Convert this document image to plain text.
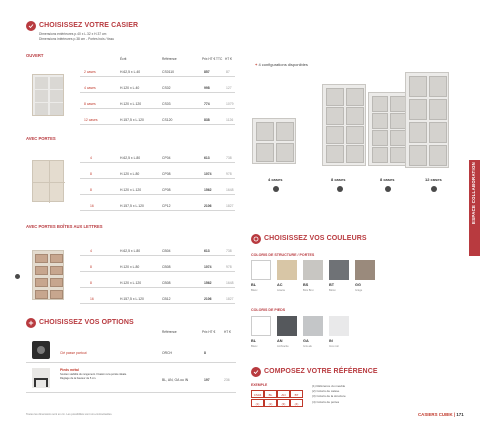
CHOISISSEZ VOTRE CASIER
Dimensions extérieures p.40 x L.32 x H.37 cm
Dimensions intérieures p.38 cm - Portes bois / tissu
OUVERT
Écrit	Référence	Prix HT € TTC HT €
2 cases	H.62,5 x L.40	CS0110	857	87
4 cases	H.120 x L.40	CS02	998	127
8 cases	H.120 x L.120	CS03	774	1079
12 cases	H.157,5 x L.120	CS120	838	1126
AVEC PORTES
4	H.62,5 x L.80	CP04	613	738
8	H.120 x L.80	CP08	1074	978
8	H.120 x L.120	CP08	1562	1648
16	H.157,5 x L.120	CP12	2106	1827
AVEC PORTES BOÎTES AUX LETTRES
4	H.62,5 x L.80	CB04	613	738
8	H.120 x L.80	CB08	1074	978
8	H.120 x L.120	CB08	1562	1648
16	H.157,5 x L.120	CB12	2106	1827
CHOISISSEZ VOS OPTIONS
Référence	Prix HT €	HT €
Clé passe partout	ORCH	8
Pieds métal
Soutien stabilité du rangement. Fixation à la portée idéale.
Réglage de la hauteur de 5 cm.	BL, AN, GA ou IN	197	236
Toutes les dimensions sont en cm. Les possibilités sont non-contractuelles.
+ 4 configurations disponibles
4 cases	8 cases	8 cases	12 cases
CHOISISSEZ VOS COULEURS
COLORIS DE STRUCTURE / PORTES
BL	AC	BS	BT	GG
Blanc	Acacia	Bois Brut	Béton	Grège
COLORIS DE PIEDS
BL	AN	GA	IN
Blanc	Anthracite	Gris alu	Inox noir
COMPOSEZ VOTRE RÉFÉRENCE
EXEMPLE
CS04	BL	AN	BT
(1)	(2)	(3)	(4)
(1) Référence du meuble
(2) Coloris de caisse
(3) Coloris de la structure
(4) Coloris de portes
CASIERS CUBIK | 171
ESPACE COLLABORATION
